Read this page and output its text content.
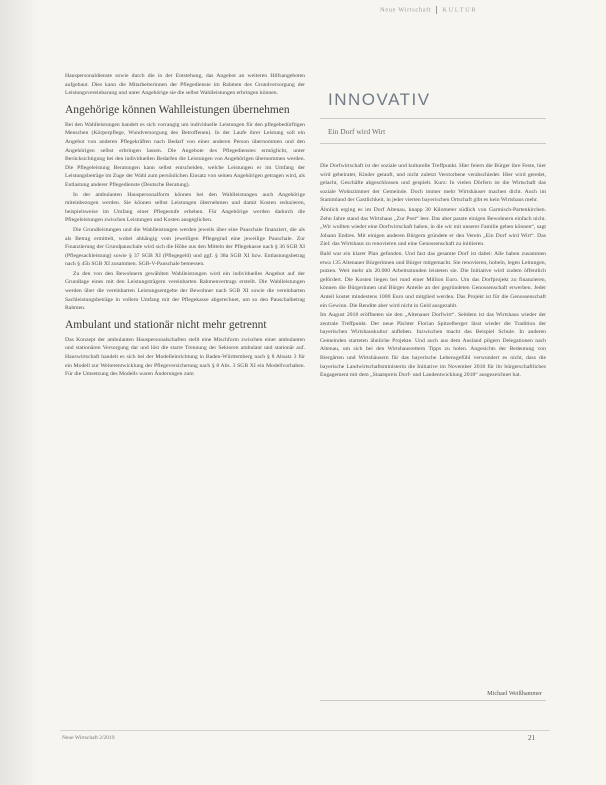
Neue Wirtschaft KULTUR

Hauspersonaldienste sowie durch die in der Entstehung, das Angebot an weiteren Hilfsangeboten aufgebaut. Dies kann die Mitarbeiterinnen der Pflegedienste im Rahmen des Grundversorgung der Leistungsvereinbarung und unter Angehörige sie die selbst Wahlleistungen erbringen können.

Angehörige können Wahlleistungen übernehmen

Bei den Wahlleistungen handelt es sich vorrangig um individuelle Leistungen für den pflegebedürftigen Menschen (Körperpflege, Wundversorgung des Betroffenen). In der Laufe ihrer Leistung soll ein Angebot von anderen Pflegekräften nach Bedarf von einer anderen Person übernommen und den Angehörigen selbst erbringen lassen. Die Angebote des Pflegedienstes ermöglicht, unter Berücksichtigung bei den individuellen Bedarfen die Leistungen von Angehörigen übernommen werden. Die Pflegeleistung Beratungen kann selbst entscheiden, welche Leistungen er im Umfang der Leistungsbeträge im Zuge der Wahl zum persönlichen Einsatz von seinen Angehörigen getragen wird, als Entlastung anderer Pflegedienste (Deutsche Beratung).

In der ambulanten Hauspersonalform können bei den Wahlleistungen auch Angehörige miteinbezogen werden. Sie können selbst Leistungen übernehmen und damit Kosten reduzieren, beispielsweise im Umfang einer Pflegestufe erheben. Für Angehörige werden dadurch die Pflegeleistungen zwischen Leistungen und Kosten ausgeglichen.

Die Grundleistungen und die Wahlleistungen werden jeweils über eine Pauschale finanziert, die als als Betrag ermittelt, wobei abhängig vom jeweiligen Pflegegrad eine jeweilige Pauschale. Zur Finanzierung der Grundpauschale wird sich die Höhe aus den Mitteln der Pflegekasse nach § 36 SGB XI (Pflegesachleistung) sowie § 37 SGB XI (Pflegegeld) und ggf. § 38a SGB XI bzw. Entlastungsbetrag nach § 45b SGB XI zusammen. SGB-V-Pauschale bemessen.

Zu den von den Bewohnern gewählten Wahlleistungen wird ein individuelles Angebot auf der Grundlage eines mit den Leistungsträgern vereinbarten Rahmenvertrags erstellt. Die Wahlleistungen werden über die vereinbarten Leistungsentgelte der Bewohner nach SGB XI sowie die vereinbarten Sachleistungsbeträge in vollem Umfang mit der Pflegekasse abgerechnet, um so den Pauschalbetrag Rahmen.

Ambulant und stationär nicht mehr getrennt

Das Konzept der ambulanten Hauspersonalschaften stellt eine Mischform zwischen einer ambulanten und stationären Versorgung dar und löst die starre Trennung der Sektoren ambulant und stationär auf. Hauswirtschaft handelt es sich bei der Modelleinrichtung in Baden-Württemberg nach § 8 Absatz 3 für ein Modell zur Weiterentwicklung der Pflegeversicherung nach § 8 Abs. 3 SGB XI ein Modellvorhaben. Für die Umsetzung des Modells waren Änderungen zum

INNOVATIV
Ein Dorf wird Wirt

Die Dorfwirtschaft ist der soziale und kulturelle Treffpunkt. Hier feiern die Bürger ihre Feste, hier wird geheiratet, Kinder getauft, und nicht zuletzt Verstorbene verabschiedet. Hier wird geredet, gelacht, Geschäfte abgeschlossen und gespielt. Kurz: In vielen Dörfern ist die Wirtschaft das soziale Wohnzimmer der Gemeinde. Doch immer mehr Wirtshäuser machen dicht. Auch im Stammland der Gastlichkeit, in jeder vierten bayerischen Ortschaft gibt es kein Wirtshaus mehr.

Ähnlich erging es im Dorf Altenau, knapp 30 Kilometer südlich von Garmisch-Partenkirchen. Zehn Jahre stand das Wirtshaus „Zur Post“ leer. Das aber passte einigen Bewohnern einfach nicht. „Wir wollten wieder eine Dorfwirtschaft haben, in die wir mit unserer Familie gehen können“, sagt Johann Endres. Mit einigen anderen Bürgern gründete er den Verein „Ein Dorf wird Wirt“. Das Ziel: das Wirtshaus zu renovieren und eine Genossenschaft zu initiieren.

Bald war ein klarer Plan gefunden. Und fast das gesamte Dorf ist dabei: Alle haben zusammen etwa 135 Altenauer Bürgerinnen und Bürger mitgemacht. Sie renovieren, hobeln, legen Leitungen, putzen. Weit mehr als 20.000 Arbeitsstunden leisteten sie. Die Initiative wird zudem öffentlich gefördert. Die Kosten liegen bei rund einer Million Euro. Um das Dorfprojekt zu finanzieren, können die Bürgerinnen und Bürger Anteile an der gegründeten Genossenschaft erwerben. Jeder Anteil kostet mindestens 1000 Euro und mitglied werden. Das Projekt ist für die Genossenschaft ein Gewinn. Die Rendite aber wird nicht in Geld ausgezahlt.

Im August 2018 eröffneten sie den „Altenauer Dorfwirt“. Seitdem ist das Wirtshaus wieder der zentrale Treffpunkt. Der neue Pächter Florian Spitzelberger lässt wieder die Tradition der bayerischen Wirtshauskultur aufleben. Inzwischen macht das Beispiel Schule. In anderen Gemeinden starteten ähnliche Projekte. Und auch aus dem Ausland pilgern Delegationen nach Altenau, um sich bei den Wirtshausrettern Tipps zu holen. Angesichts der Bedeutung von Biergärten und Wirtshäusern für das bayerische Lebensgefühl verwundert es nicht, dass die bayerische Landwirtschaftsministerin die Initiative im November 2018 für ihr bürgerschaftliches Engagement mit dem „Staatspreis Dorf- und Landentwicklung 2018“ ausgezeichnet hat.

Michael Weißhammer
Neue Wirtschaft 2/2019	21
